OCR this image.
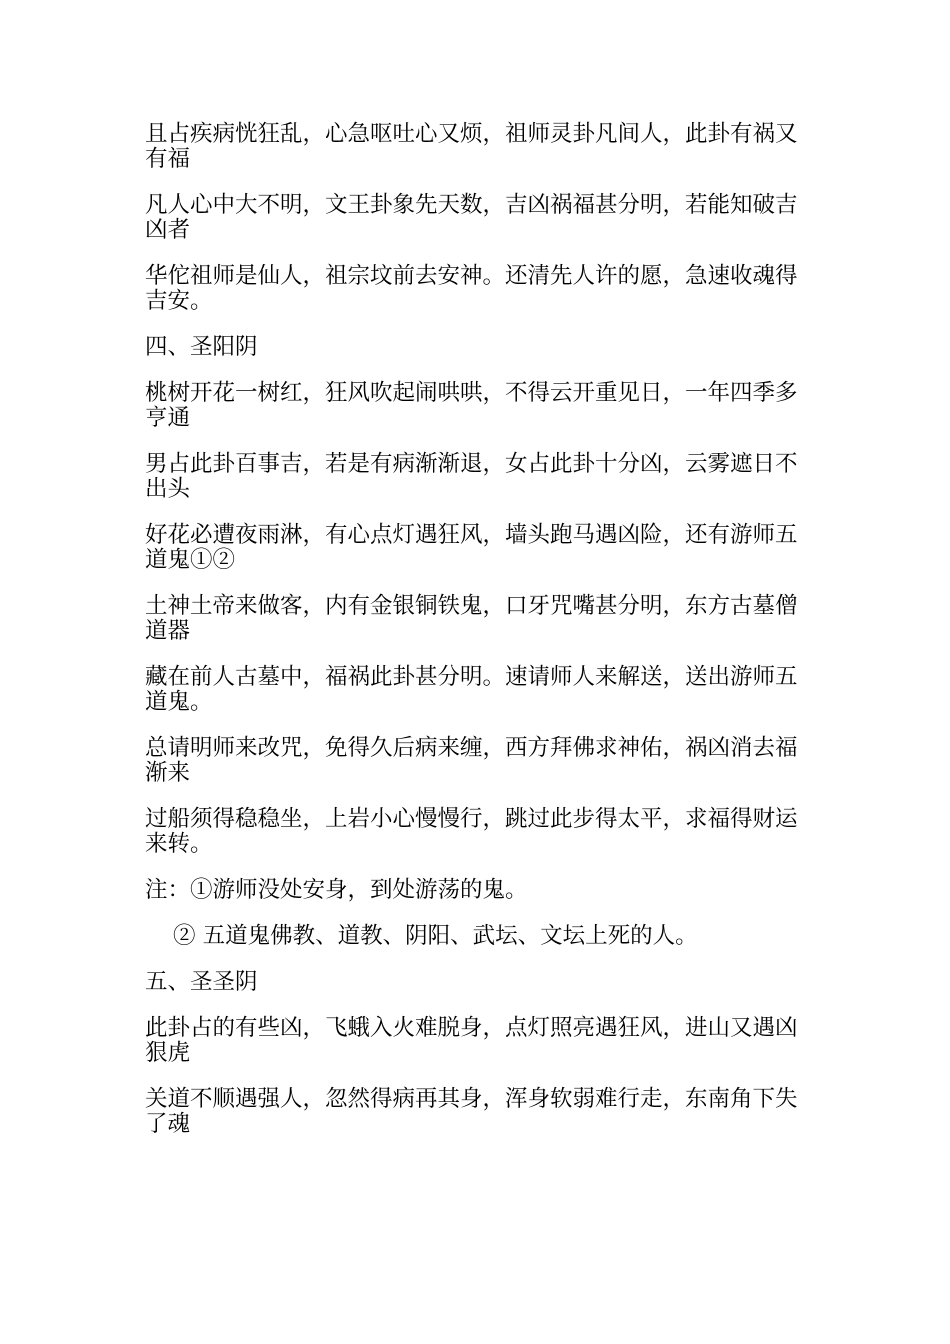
且占疾病恍狂乱，心急呕吐心又烦，祖师灵卦凡间人，此卦有祸又有福

凡人心中大不明，文王卦象先天数，吉凶祸福甚分明，若能知破吉凶者

华佗祖师是仙人，祖宗坟前去安神。还清先人许的愿，急速收魂得吉安。

四、圣阳阴

桃树开花一树红，狂风吹起闹哄哄，不得云开重见日，一年四季多亨通

男占此卦百事吉，若是有病渐渐退，女占此卦十分凶，云雾遮日不出头

好花必遭夜雨淋，有心点灯遇狂风，墙头跑马遇凶险，还有游师五道鬼①②

土神土帝来做客，内有金银铜铁鬼，口牙咒嘴甚分明，东方古墓僧道器

藏在前人古墓中，福祸此卦甚分明。速请师人来解送，送出游师五道鬼。

总请明师来改咒，免得久后病来缠，西方拜佛求神佑，祸凶消去福渐来

过船须得稳稳坐，上岩小心慢慢行，跳过此步得太平，求福得财运来转。

注：①游师没处安身，到处游荡的鬼。

② 五道鬼佛教、道教、阴阳、武坛、文坛上死的人。

五、圣圣阴

此卦占的有些凶，飞蛾入火难脱身，点灯照亮遇狂风，进山又遇凶狠虎

关道不顺遇强人，忽然得病再其身，浑身软弱难行走，东南角下失了魂
